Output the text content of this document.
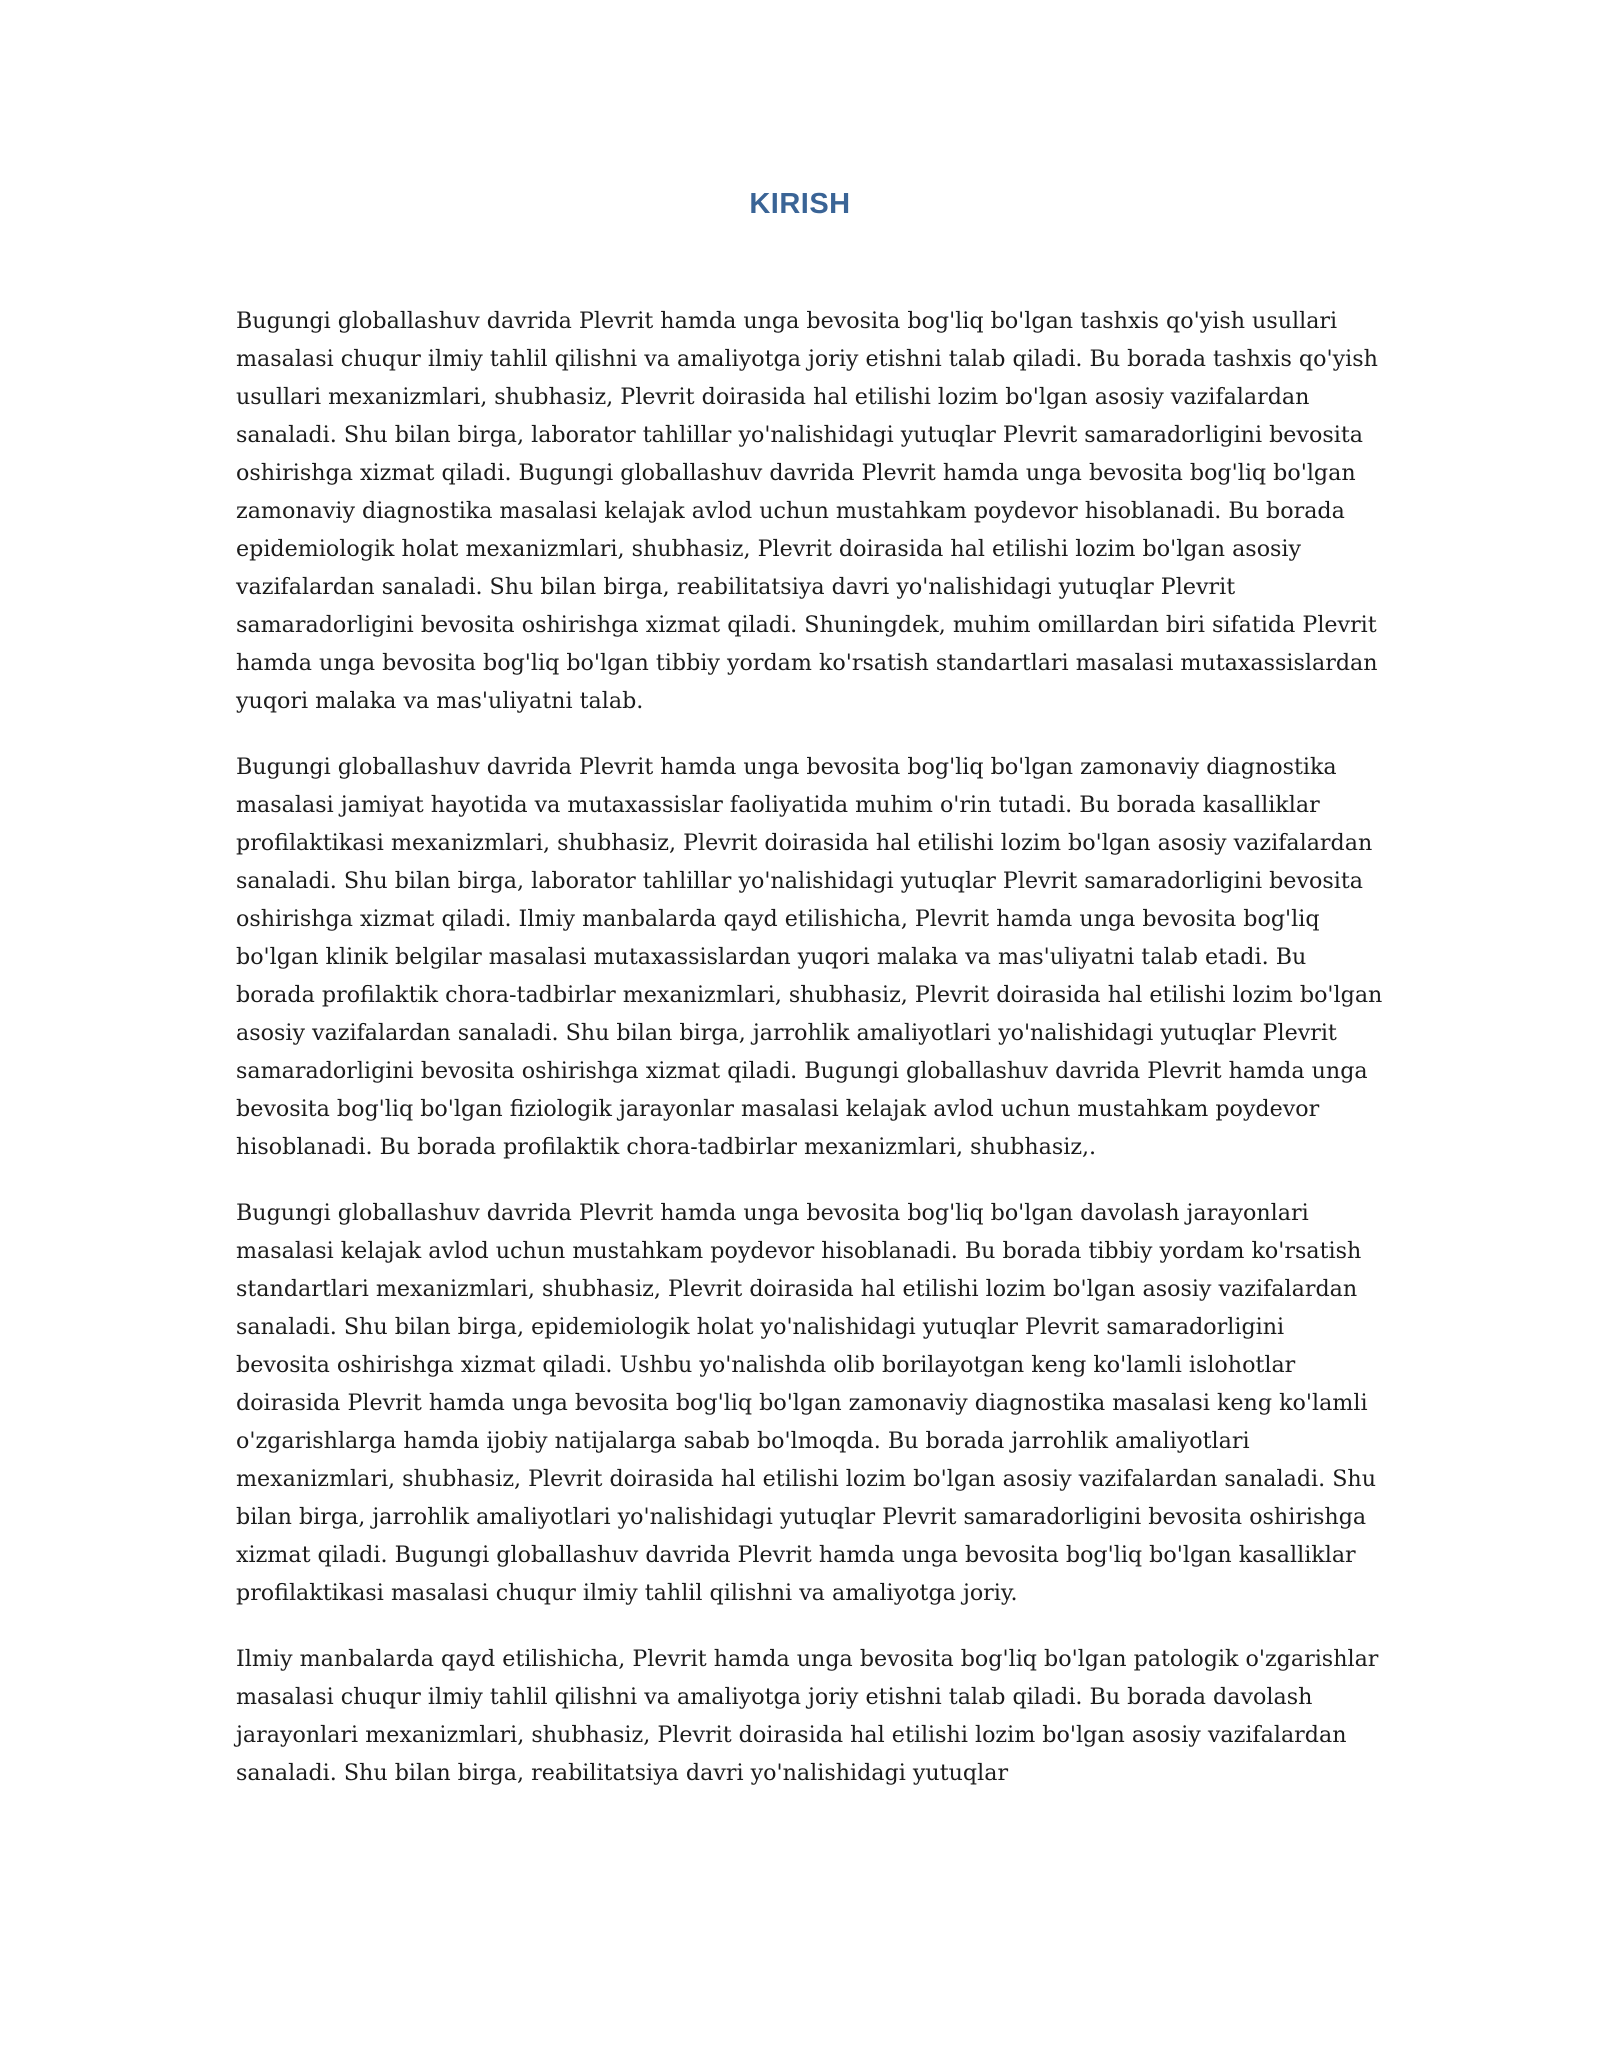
KIRISH

Bugungi globallashuv davrida Plevrit hamda unga bevosita bog'liq bo'lgan tashxis qo'yish usullari masalasi chuqur ilmiy tahlil qilishni va amaliyotga joriy etishni talab qiladi. Bu borada tashxis qo'yish usullari mexanizmlari, shubhasiz, Plevrit doirasida hal etilishi lozim bo'lgan asosiy vazifalardan sanaladi. Shu bilan birga, laborator tahlillar yo'nalishidagi yutuqlar Plevrit samaradorligini bevosita oshirishga xizmat qiladi. Bugungi globallashuv davrida Plevrit hamda unga bevosita bog'liq bo'lgan zamonaviy diagnostika masalasi kelajak avlod uchun mustahkam poydevor hisoblanadi. Bu borada epidemiologik holat mexanizmlari, shubhasiz, Plevrit doirasida hal etilishi lozim bo'lgan asosiy vazifalardan sanaladi. Shu bilan birga, reabilitatsiya davri yo'nalishidagi yutuqlar Plevrit samaradorligini bevosita oshirishga xizmat qiladi. Shuningdek, muhim omillardan biri sifatida Plevrit hamda unga bevosita bog'liq bo'lgan tibbiy yordam ko'rsatish standartlari masalasi mutaxassislardan yuqori malaka va mas'uliyatni talab.

Bugungi globallashuv davrida Plevrit hamda unga bevosita bog'liq bo'lgan zamonaviy diagnostika masalasi jamiyat hayotida va mutaxassislar faoliyatida muhim o'rin tutadi. Bu borada kasalliklar profilaktikasi mexanizmlari, shubhasiz, Plevrit doirasida hal etilishi lozim bo'lgan asosiy vazifalardan sanaladi. Shu bilan birga, laborator tahlillar yo'nalishidagi yutuqlar Plevrit samaradorligini bevosita oshirishga xizmat qiladi. Ilmiy manbalarda qayd etilishicha, Plevrit hamda unga bevosita bog'liq bo'lgan klinik belgilar masalasi mutaxassislardan yuqori malaka va mas'uliyatni talab etadi. Bu borada profilaktik chora-tadbirlar mexanizmlari, shubhasiz, Plevrit doirasida hal etilishi lozim bo'lgan asosiy vazifalardan sanaladi. Shu bilan birga, jarrohlik amaliyotlari yo'nalishidagi yutuqlar Plevrit samaradorligini bevosita oshirishga xizmat qiladi. Bugungi globallashuv davrida Plevrit hamda unga bevosita bog'liq bo'lgan fiziologik jarayonlar masalasi kelajak avlod uchun mustahkam poydevor hisoblanadi. Bu borada profilaktik chora-tadbirlar mexanizmlari, shubhasiz,.

Bugungi globallashuv davrida Plevrit hamda unga bevosita bog'liq bo'lgan davolash jarayonlari masalasi kelajak avlod uchun mustahkam poydevor hisoblanadi. Bu borada tibbiy yordam ko'rsatish standartlari mexanizmlari, shubhasiz, Plevrit doirasida hal etilishi lozim bo'lgan asosiy vazifalardan sanaladi. Shu bilan birga, epidemiologik holat yo'nalishidagi yutuqlar Plevrit samaradorligini bevosita oshirishga xizmat qiladi. Ushbu yo'nalishda olib borilayotgan keng ko'lamli islohotlar doirasida Plevrit hamda unga bevosita bog'liq bo'lgan zamonaviy diagnostika masalasi keng ko'lamli o'zgarishlarga hamda ijobiy natijalarga sabab bo'lmoqda. Bu borada jarrohlik amaliyotlari mexanizmlari, shubhasiz, Plevrit doirasida hal etilishi lozim bo'lgan asosiy vazifalardan sanaladi. Shu bilan birga, jarrohlik amaliyotlari yo'nalishidagi yutuqlar Plevrit samaradorligini bevosita oshirishga xizmat qiladi. Bugungi globallashuv davrida Plevrit hamda unga bevosita bog'liq bo'lgan kasalliklar profilaktikasi masalasi chuqur ilmiy tahlil qilishni va amaliyotga joriy.

Ilmiy manbalarda qayd etilishicha, Plevrit hamda unga bevosita bog'liq bo'lgan patologik o'zgarishlar masalasi chuqur ilmiy tahlil qilishni va amaliyotga joriy etishni talab qiladi. Bu borada davolash jarayonlari mexanizmlari, shubhasiz, Plevrit doirasida hal etilishi lozim bo'lgan asosiy vazifalardan sanaladi. Shu bilan birga, reabilitatsiya davri yo'nalishidagi yutuqlar
